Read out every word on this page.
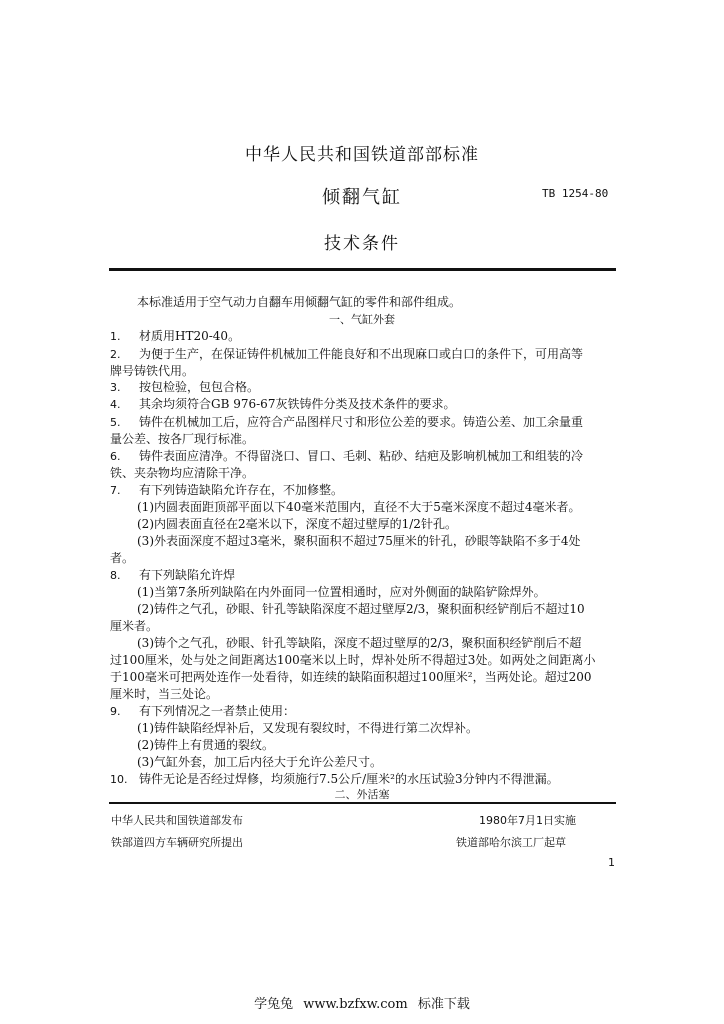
中华人民共和国铁道部部标准
倾翻气缸	TB 1254-80
技术条件
本标准适用于空气动力自翻车用倾翻气缸的零件和部件组成。
一、气缸外套
1. 材质用HT20-40。
2. 为便于生产，在保证铸件机械加工件能良好和不出现麻口或白口的条件下，可用高等
牌号铸铁代用。
3. 按包检验，包包合格。
4. 其余均须符合GB 976-67灰铁铸件分类及技术条件的要求。
5. 铸件在机械加工后，应符合产品图样尺寸和形位公差的要求。铸造公差、加工余量重
量公差、按各厂现行标准。
6. 铸件表面应清净。不得留浇口、冒口、毛刺、粘砂、结疤及影响机械加工和组装的冷
铁、夹杂物均应清除干净。
7. 有下列铸造缺陷允许存在，不加修整。
(1)内圆表面距顶部平面以下40毫米范围内，直径不大于5毫米深度不超过4毫米者。
(2)内圆表面直径在2毫米以下，深度不超过壁厚的1/2针孔。
(3)外表面深度不超过3毫米，聚积面积不超过75厘米的针孔，砂眼等缺陷不多于4处
者。
8. 有下列缺陷允许焊
(1)当第7条所列缺陷在内外面同一位置相通时，应对外侧面的缺陷铲除焊外。
(2)铸件之气孔，砂眼、针孔等缺陷深度不超过壁厚2/3，聚积面积经铲削后不超过10
厘米者。
(3)铸个之气孔，砂眼、针孔等缺陷，深度不超过壁厚的2/3，聚积面积经铲削后不超
过100厘米，处与处之间距离达100毫米以上时，焊补处所不得超过3处。如两处之间距离小
于100毫米可把两处连作一处看待，如连续的缺陷面积超过100厘米²，当两处论。超过200
厘米时，当三处论。
9. 有下列情况之一者禁止使用：
(1)铸件缺陷经焊补后，又发现有裂纹时，不得进行第二次焊补。
(2)铸件上有贯通的裂纹。
(3)气缸外套，加工后内径大于允许公差尺寸。
10. 铸件无论是否经过焊修，均须施行7.5公斤/厘米²的水压试验3分钟内不得泄漏。
二、外活塞
中华人民共和国铁道部发布	1980年7月1日实施
铁部道四方车辆研究所提出	铁道部哈尔滨工厂起草
1
学兔兔 www.bzfxw.com 标准下载
